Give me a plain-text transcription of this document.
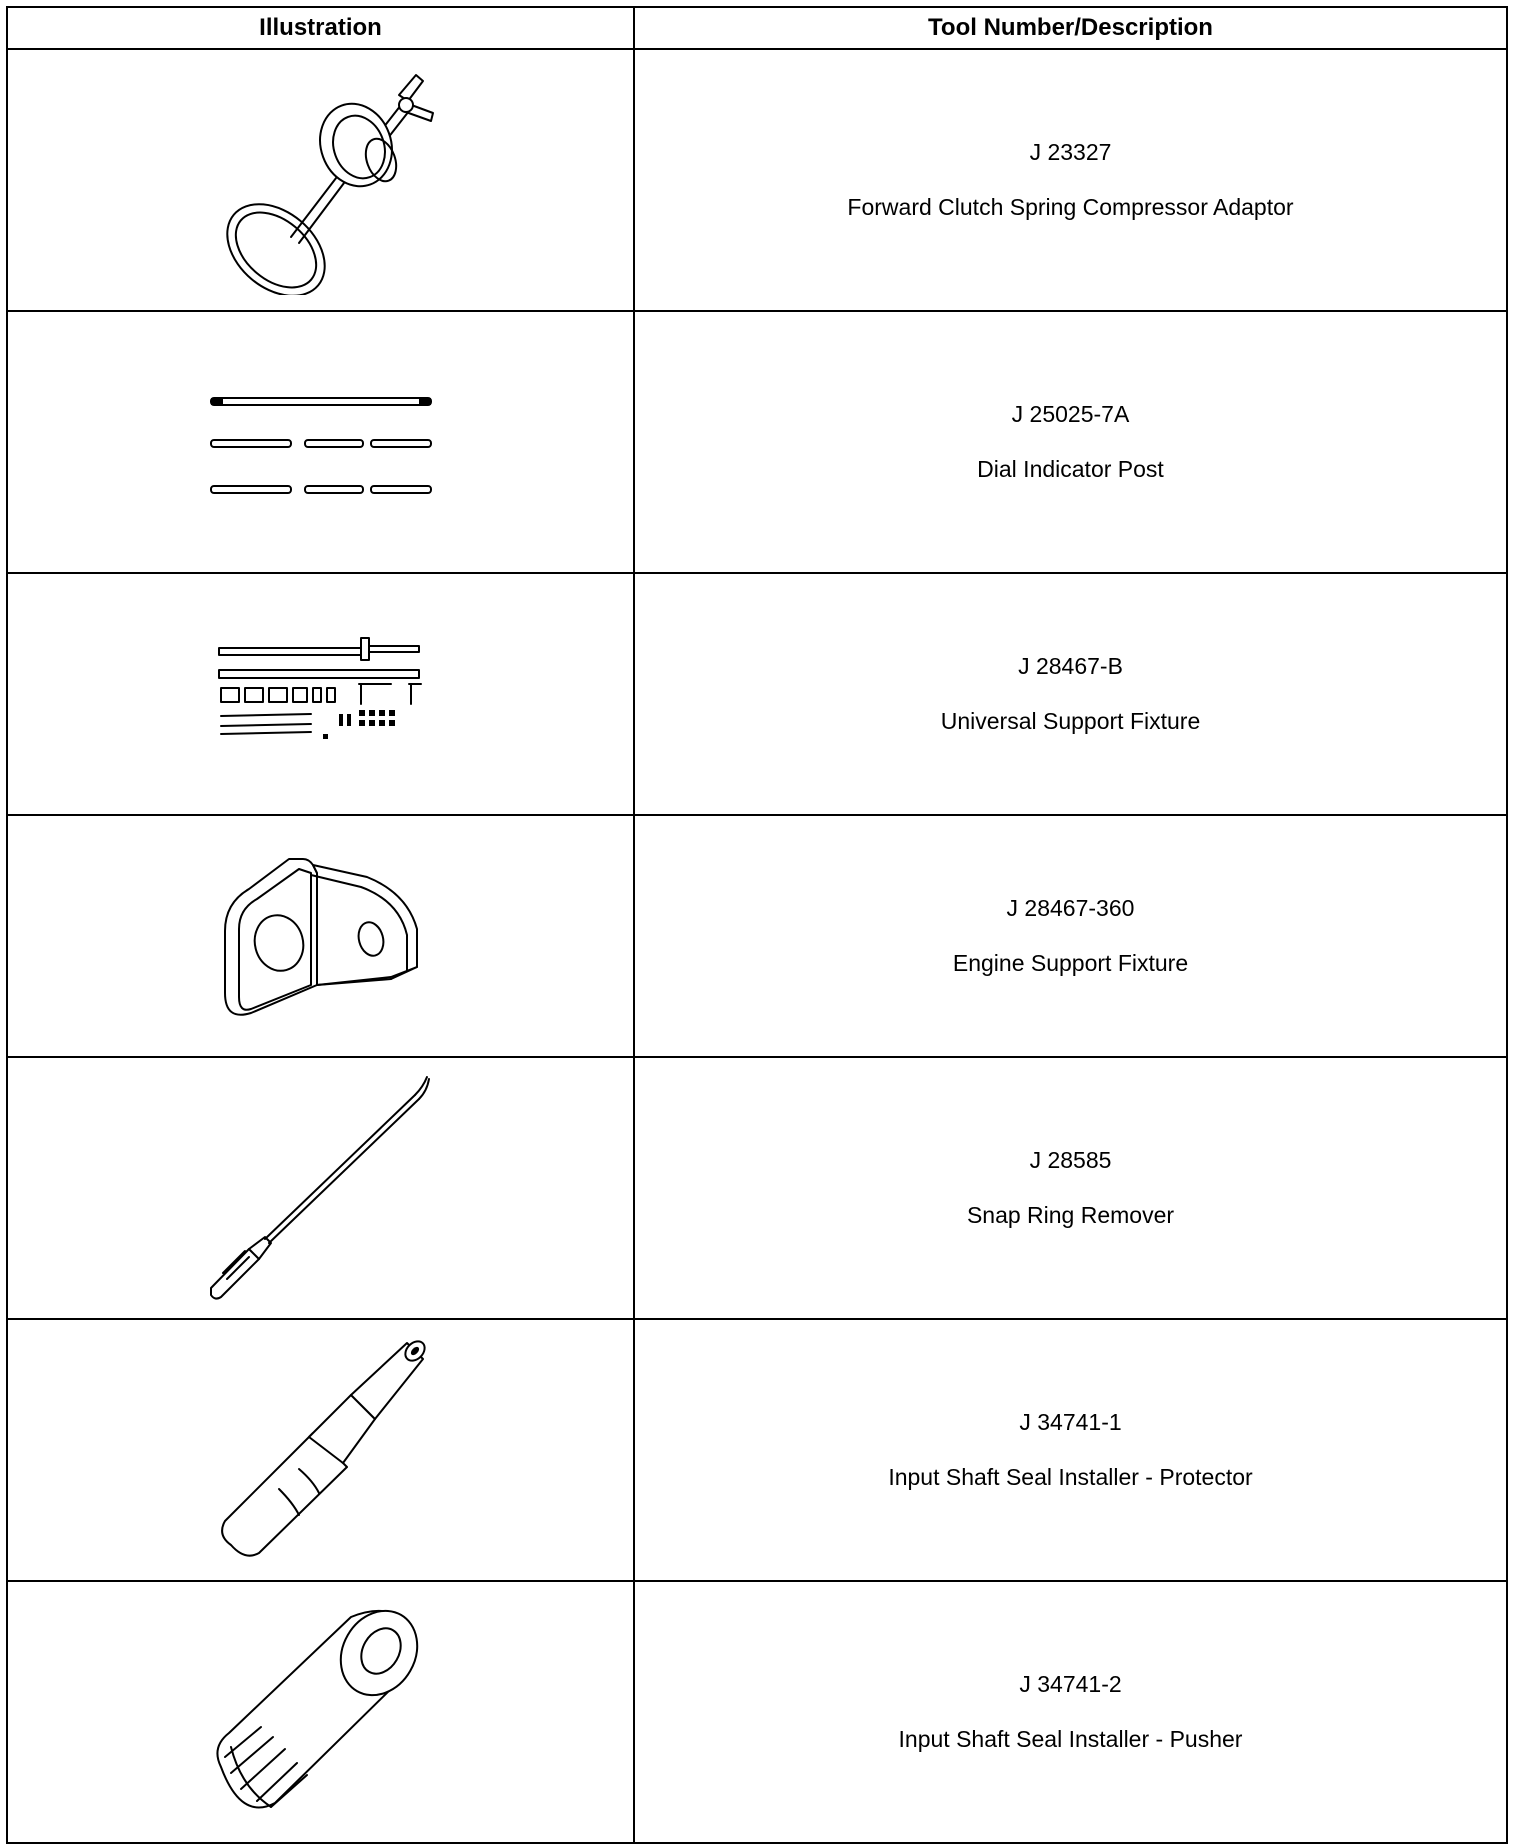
Illustration	Tool Number/Description

J 23327
Forward Clutch Spring Compressor Adaptor

J 25025-7A
Dial Indicator Post

J 28467-B
Universal Support Fixture

J 28467-360
Engine Support Fixture

J 28585
Snap Ring Remover

J 34741-1
Input Shaft Seal Installer - Protector

J 34741-2
Input Shaft Seal Installer - Pusher
